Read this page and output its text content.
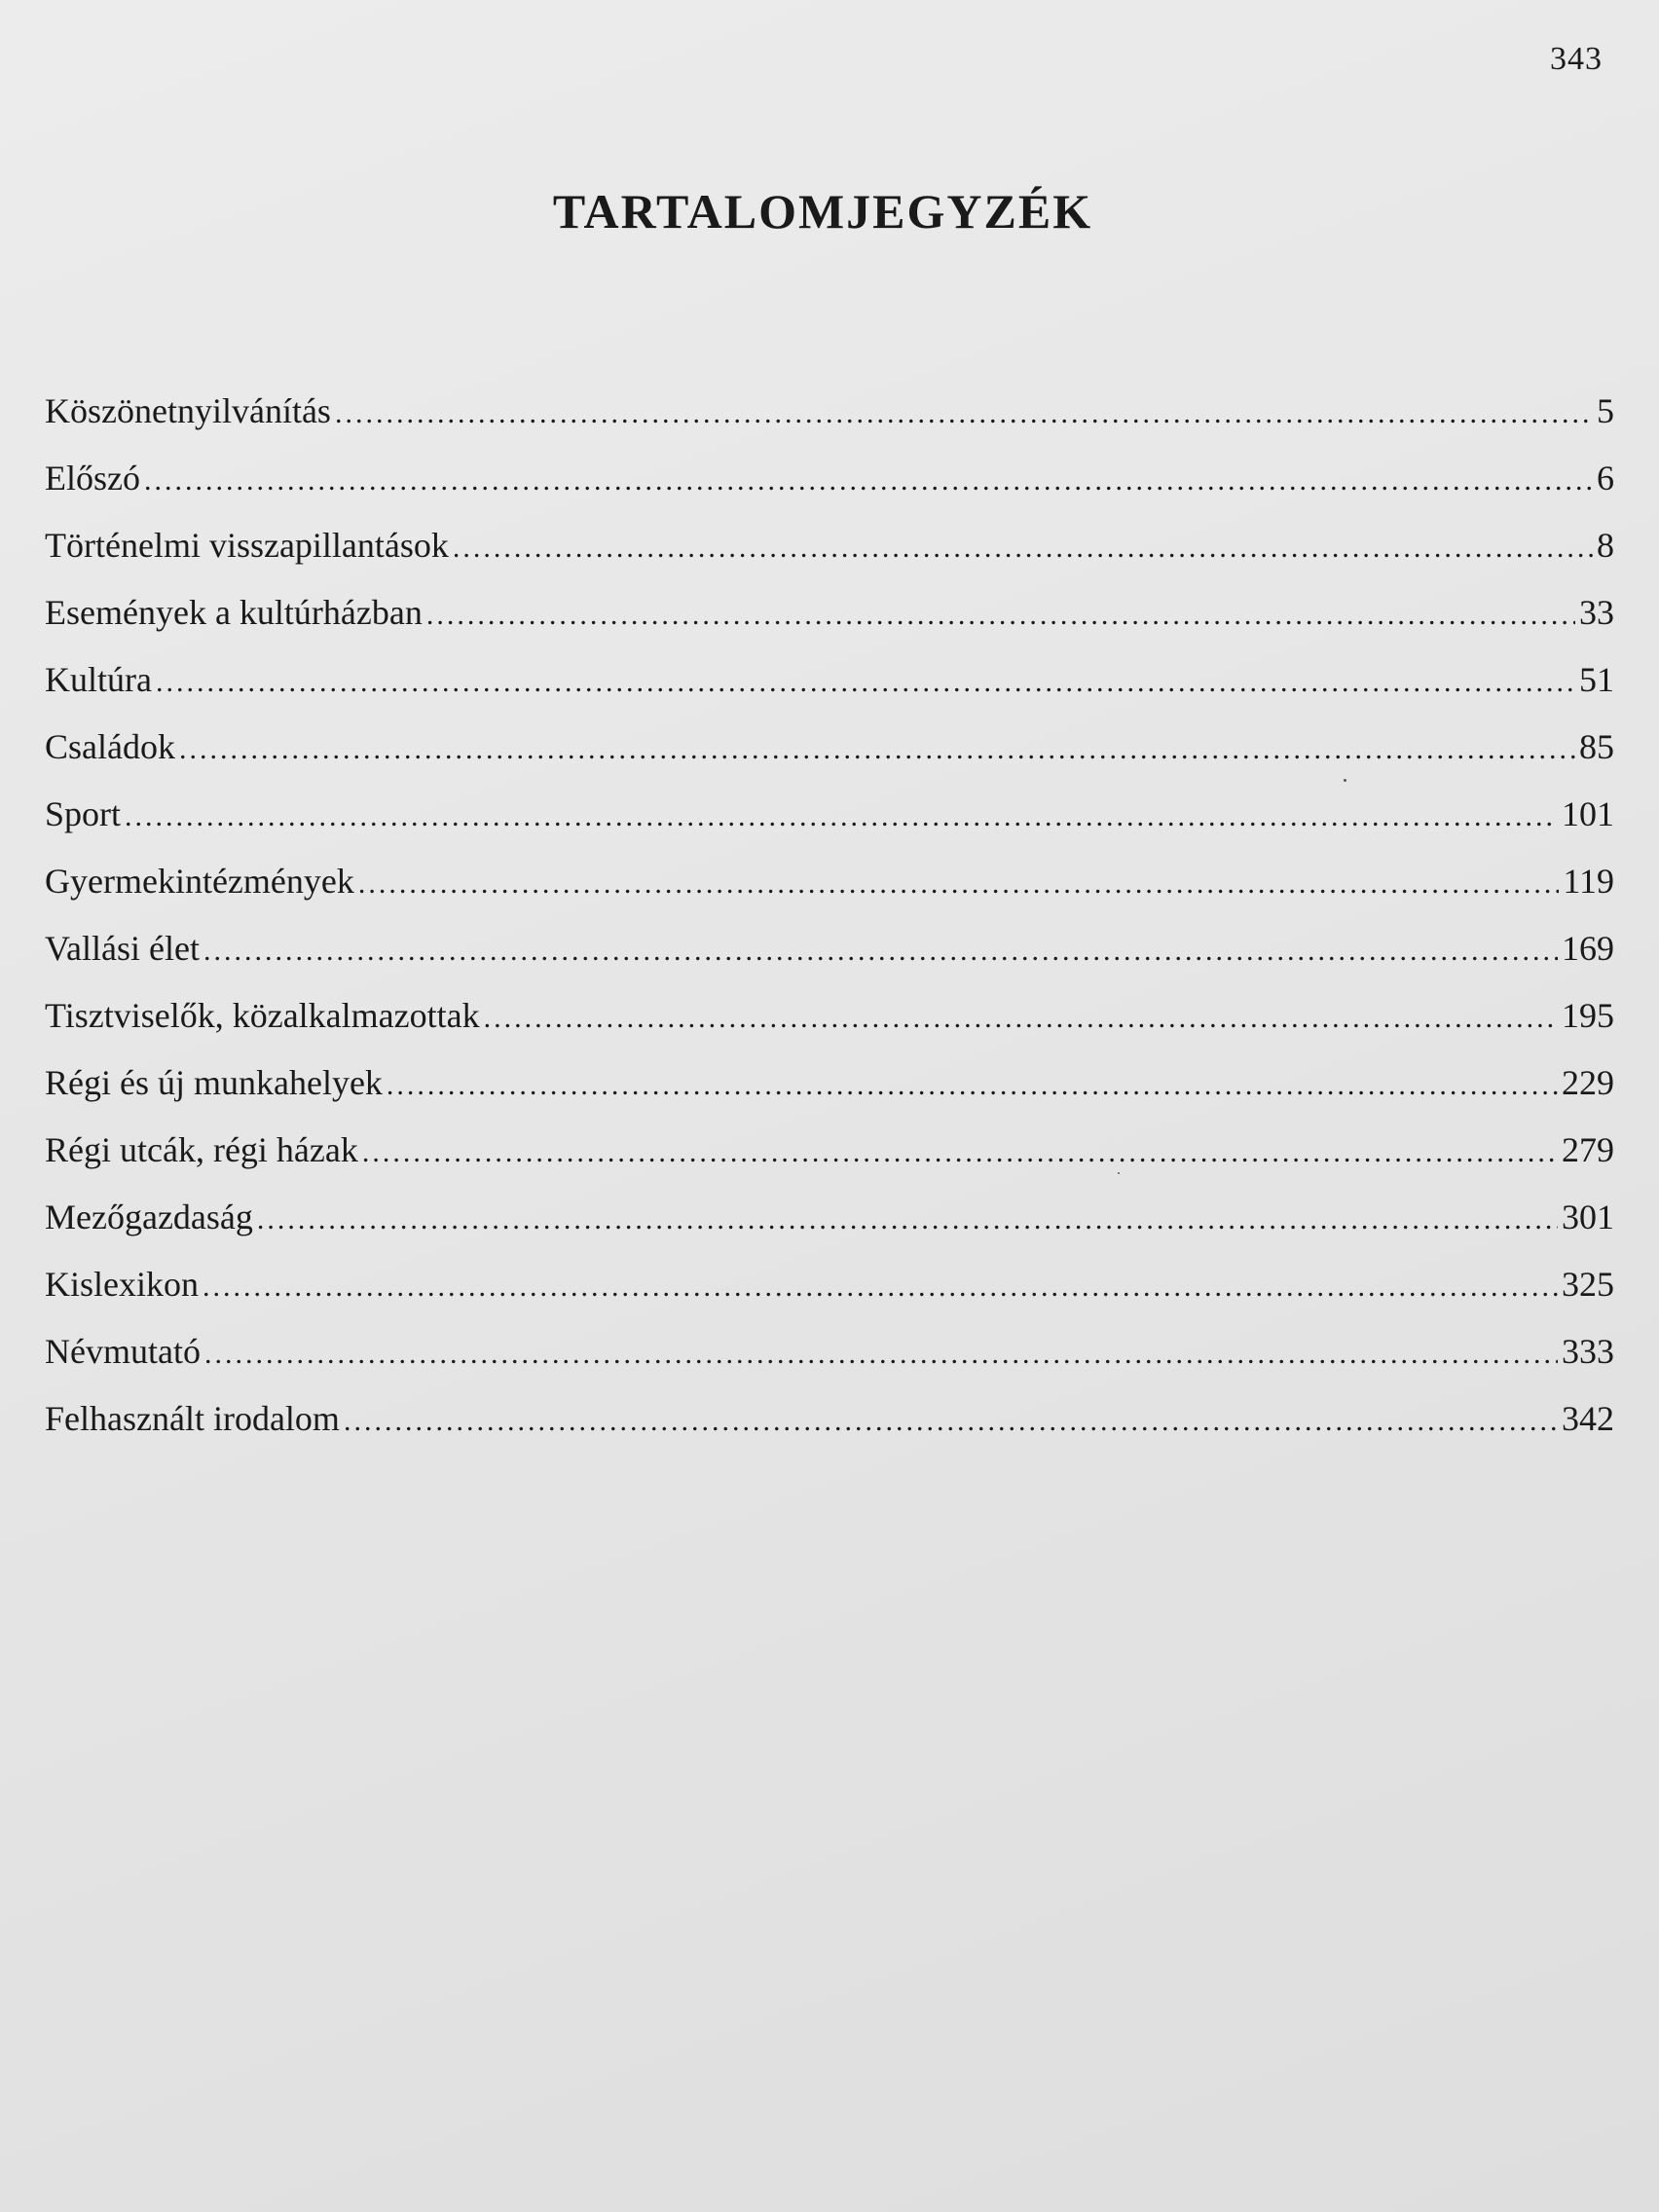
343
TARTALOMJEGYZÉK
Köszönetnyilvánítás .....	5
Előszó .....	6
Történelmi visszapillantások .....	8
Események a kultúrházban .....	33
Kultúra .....	51
Családok .....	85
Sport .....	101
Gyermekintézmények .....	119
Vallási élet .....	169
Tisztviselők, közalkalmazottak .....	195
Régi és új munkahelyek .....	229
Régi utcák, régi házak .....	279
Mezőgazdaság .....	301
Kislexikon .....	325
Névmutató .....	333
Felhasznált irodalom .....	342
